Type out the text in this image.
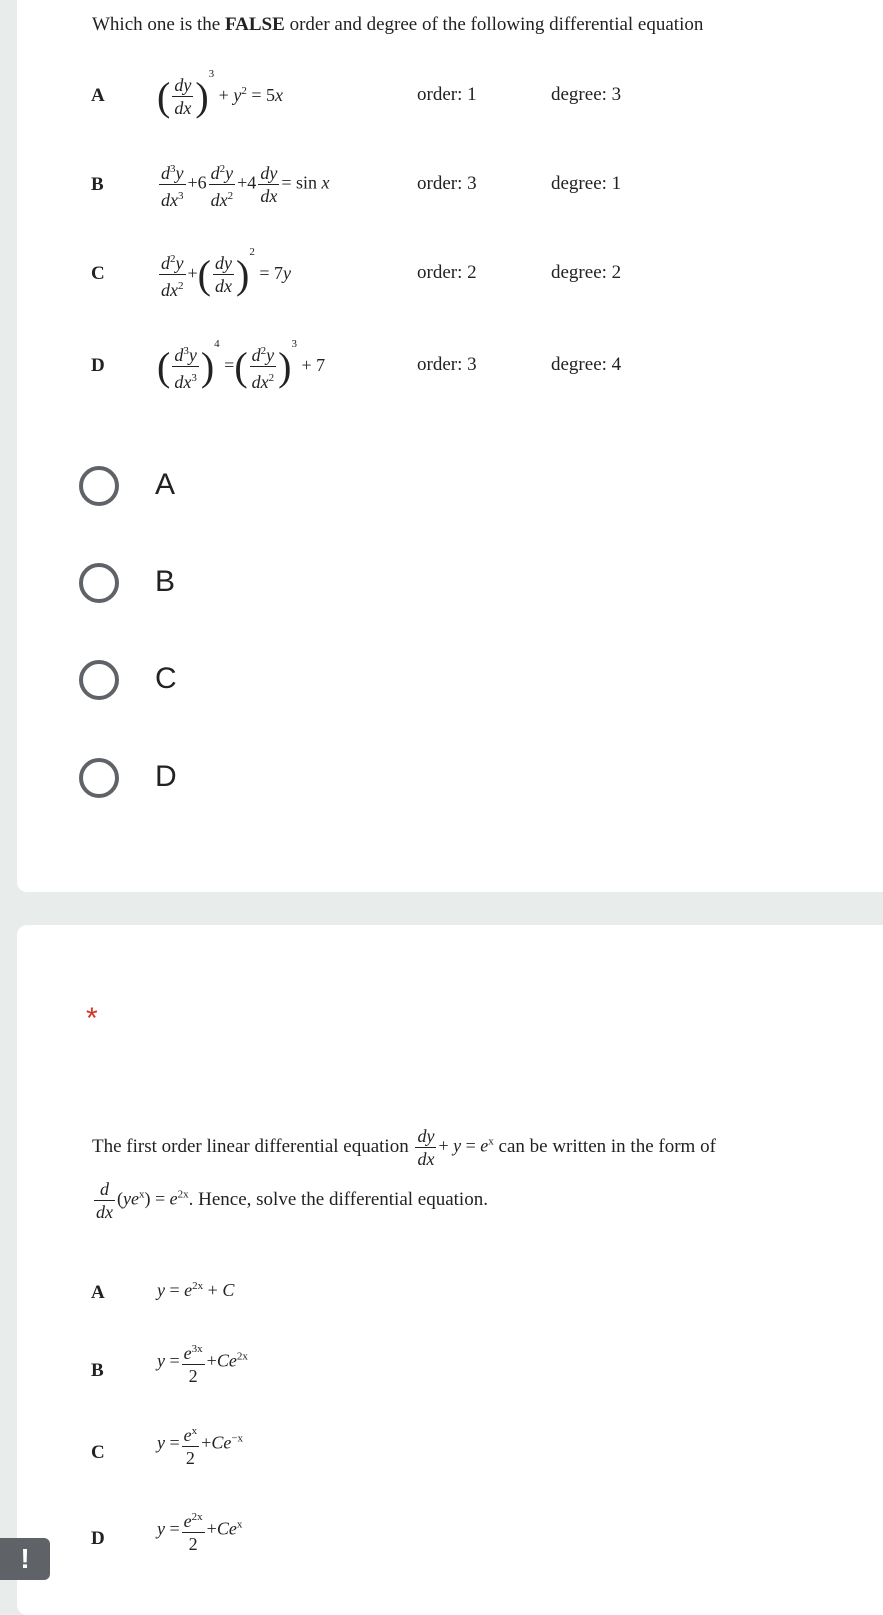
Which one is the FALSE order and degree of the following differential equation
A ( $\frac{dy}{dx} )^3 + y^2 = 5x$	order: 1	degree: 3
B	$\frac{d^3y}{dx^3} +6 \frac{d^2y}{dx^2} +4 \frac{dy}{dx} = \sin x$	order: 3	degree: 1
C	$\frac{d^2y}{dx^2}$ +( $\frac{dy}{dx} )^2 = 7y$	order: 2	degree: 2
D ( $\frac{d^3y}{dx^3} )^4$ =( $\frac{d^2y}{dx^2} )^3 + 7$	order: 3	degree: 4
A
B
C
D
*
The first order linear differential equation $\frac{dy}{dx} + y = e^x$ can be written in the form of
$\frac{d}{dx} (ye^x) = e^{2x}$. Hence, solve the differential equation.
A	$y = e^{2x} + C$
B	$y = \frac{e^{3x}}{2} +Ce^{2x}$
C	$y = \frac{e^x}{2} +Ce^{-x}$
D	$y = \frac{e^{2x}}{2} +Ce^x$
!
